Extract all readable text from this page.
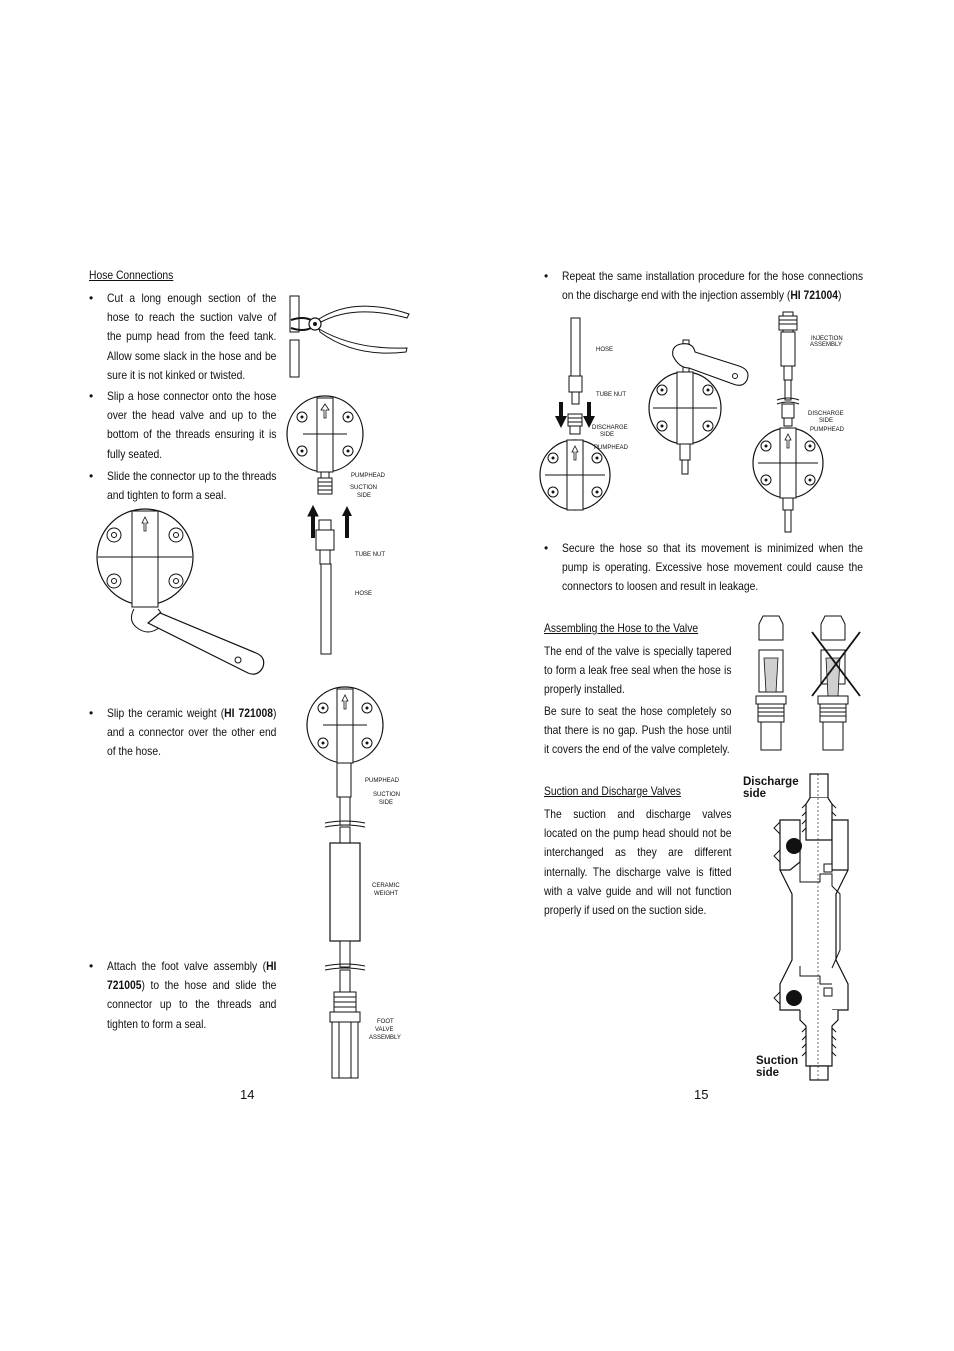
Hose Connections
• Cut a long enough section of the hose to reach the suction valve of the pump head from the feed tank. Allow some slack in the hose and be sure it is not kinked or twisted.
• Slip a hose connector onto the hose over the head valve and up to the bottom of the threads ensuring it is fully seated.
• Slide the connector up to the threads and tighten to form a seal.
• Slip the ceramic weight (HI 721008) and a connector over the other end of the hose.
• Attach the foot valve assembly (HI 721005) to the hose and slide the connector up to the threads and tighten to form a seal.
PUMPHEAD
SUCTION
SIDE
TUBE NUT
HOSE
PUMPHEAD
SUCTION
SIDE
CERAMIC
WEIGHT
FOOT
VALVE
ASSEMBLY
14
• Repeat the same installation procedure for the hose connections on the discharge end with the injection assembly (HI 721004)
HOSE
TUBE NUT
DISCHARGE
SIDE
PUMPHEAD
INJECTION
ASSEMBLY
DISCHARGE
SIDE
PUMPHEAD
• Secure the hose so that its movement is minimized when the pump is operating. Excessive hose movement could cause the connectors to loosen and result in leakage.
Assembling the Hose to the Valve
The end of the valve is specially tapered to form a leak free seal when the hose is properly installed.
Be sure to seat the hose completely so that there is no gap. Push the hose until it covers the end of the valve completely.
Suction and Discharge Valves
The suction and discharge valves located on the pump head should not be interchanged as they are different internally. The discharge valve is fitted with a valve guide and will not function properly if used on the suction side.
Discharge
side
Suction
side
15
